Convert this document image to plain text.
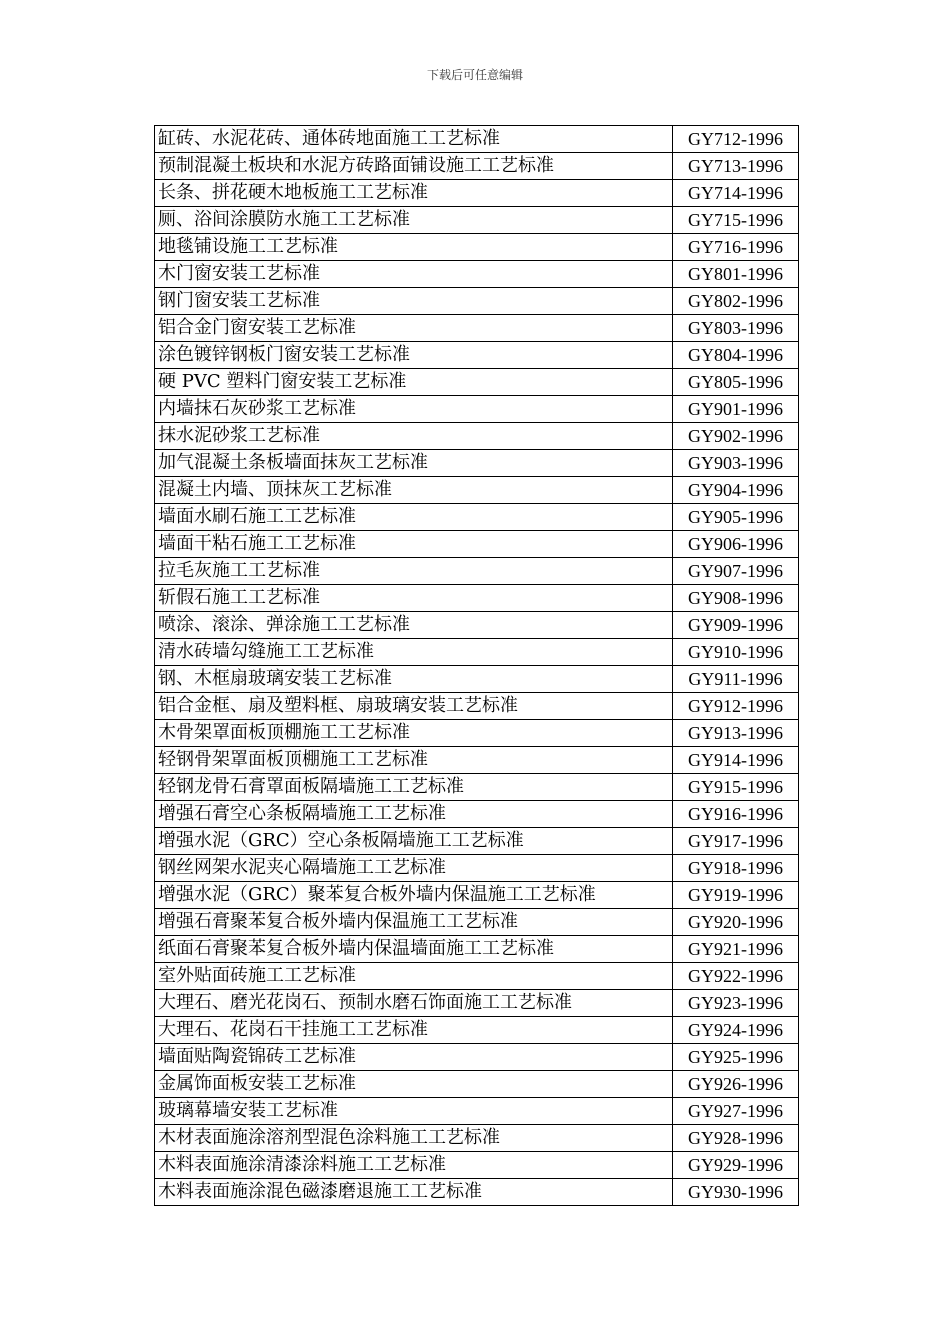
下载后可任意编辑
缸砖、水泥花砖、通体砖地面施工工艺标准	GY712-1996
预制混凝土板块和水泥方砖路面铺设施工工艺标准	GY713-1996
长条、拼花硬木地板施工工艺标准	GY714-1996
厕、浴间涂膜防水施工工艺标准	GY715-1996
地毯铺设施工工艺标准	GY716-1996
木门窗安装工艺标准	GY801-1996
钢门窗安装工艺标准	GY802-1996
铝合金门窗安装工艺标准	GY803-1996
涂色镀锌钢板门窗安装工艺标准	GY804-1996
硬 PVC 塑料门窗安装工艺标准	GY805-1996
内墙抹石灰砂浆工艺标准	GY901-1996
抹水泥砂浆工艺标准	GY902-1996
加气混凝土条板墙面抹灰工艺标准	GY903-1996
混凝土内墙、顶抹灰工艺标准	GY904-1996
墙面水刷石施工工艺标准	GY905-1996
墙面干粘石施工工艺标准	GY906-1996
拉毛灰施工工艺标准	GY907-1996
斩假石施工工艺标准	GY908-1996
喷涂、滚涂、弹涂施工工艺标准	GY909-1996
清水砖墙勾缝施工工艺标准	GY910-1996
钢、木框扇玻璃安装工艺标准	GY911-1996
铝合金框、扇及塑料框、扇玻璃安装工艺标准	GY912-1996
木骨架罩面板顶棚施工工艺标准	GY913-1996
轻钢骨架罩面板顶棚施工工艺标准	GY914-1996
轻钢龙骨石膏罩面板隔墙施工工艺标准	GY915-1996
增强石膏空心条板隔墙施工工艺标准	GY916-1996
增强水泥（GRC）空心条板隔墙施工工艺标准	GY917-1996
钢丝网架水泥夹心隔墙施工工艺标准	GY918-1996
增强水泥（GRC）聚苯复合板外墙内保温施工工艺标准	GY919-1996
增强石膏聚苯复合板外墙内保温施工工艺标准	GY920-1996
纸面石膏聚苯复合板外墙内保温墙面施工工艺标准	GY921-1996
室外贴面砖施工工艺标准	GY922-1996
大理石、磨光花岗石、预制水磨石饰面施工工艺标准	GY923-1996
大理石、花岗石干挂施工工艺标准	GY924-1996
墙面贴陶瓷锦砖工艺标准	GY925-1996
金属饰面板安装工艺标准	GY926-1996
玻璃幕墙安装工艺标准	GY927-1996
木材表面施涂溶剂型混色涂料施工工艺标准	GY928-1996
木料表面施涂清漆涂料施工工艺标准	GY929-1996
木料表面施涂混色磁漆磨退施工工艺标准	GY930-1996
